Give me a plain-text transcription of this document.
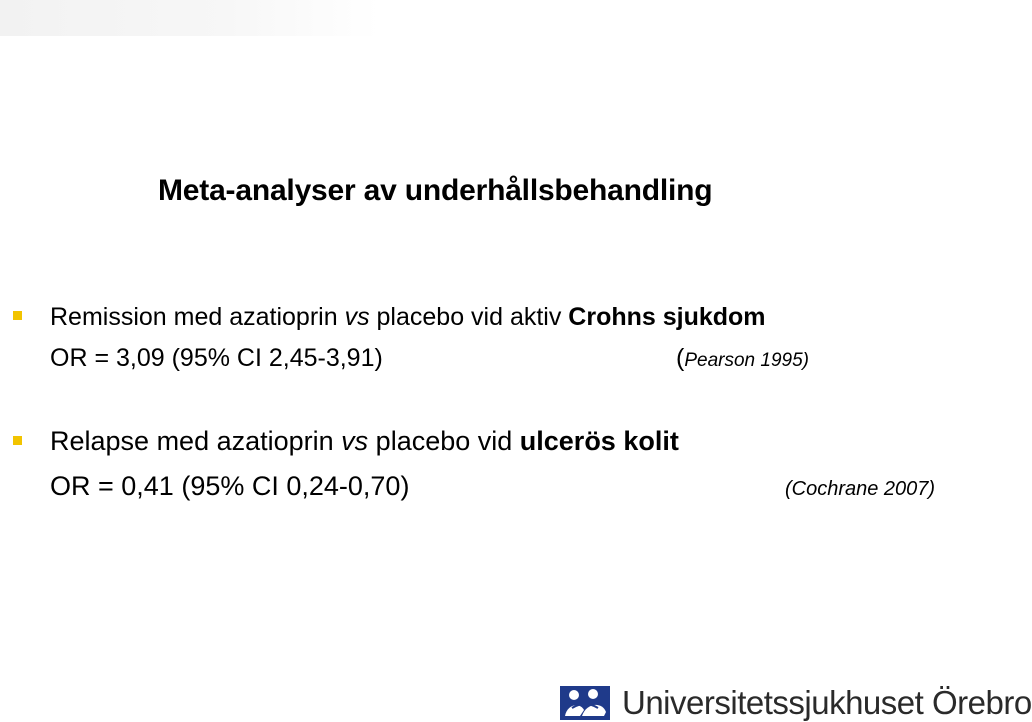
Meta-analyser av underhållsbehandling
Remission med azatioprin vs placebo vid aktiv Crohns sjukdom
OR = 3,09 (95% CI 2,45-3,91)	(Pearson 1995)
Relapse med azatioprin vs placebo vid ulcerös kolit
OR = 0,41 (95% CI 0,24-0,70)	(Cochrane 2007)
Universitetssjukhuset Örebro
